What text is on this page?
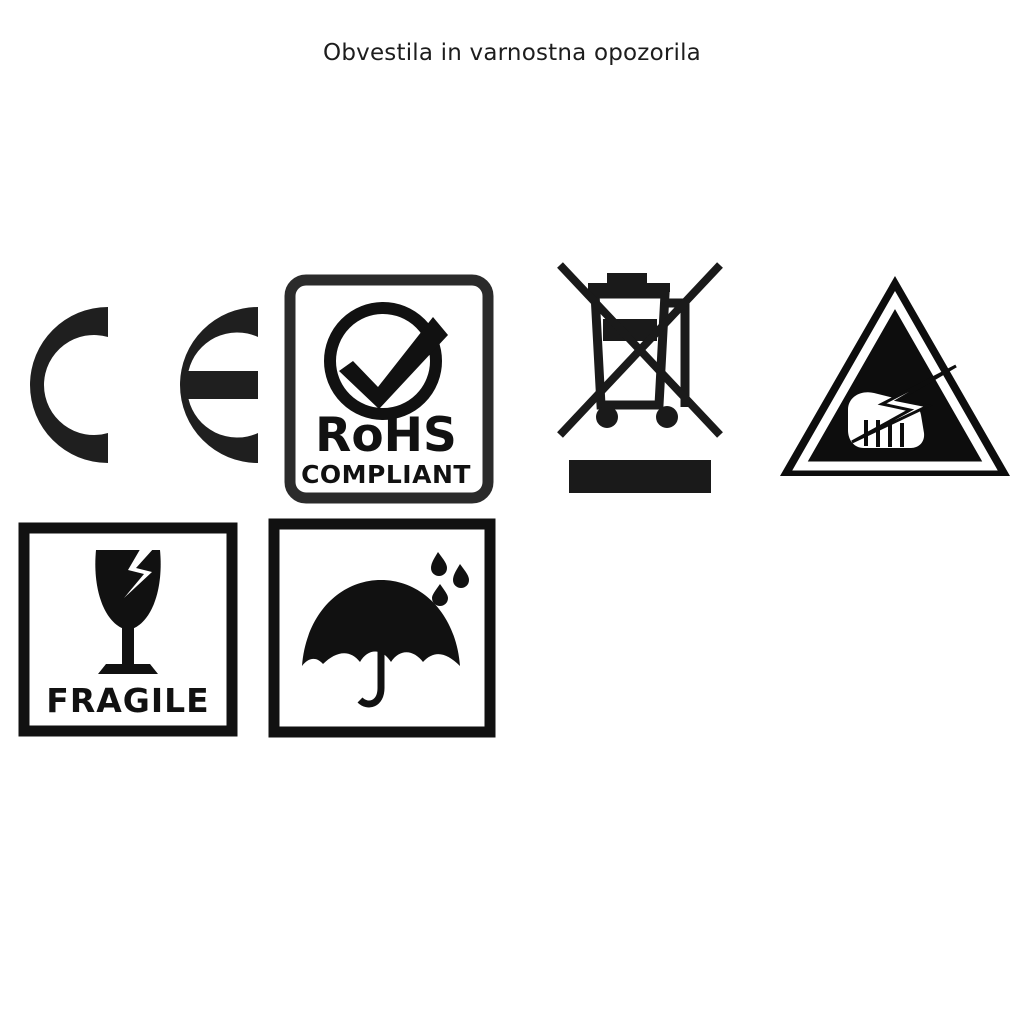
Obvestila in varnostna opozorila
RoHS
COMPLIANT
FRAGILE
